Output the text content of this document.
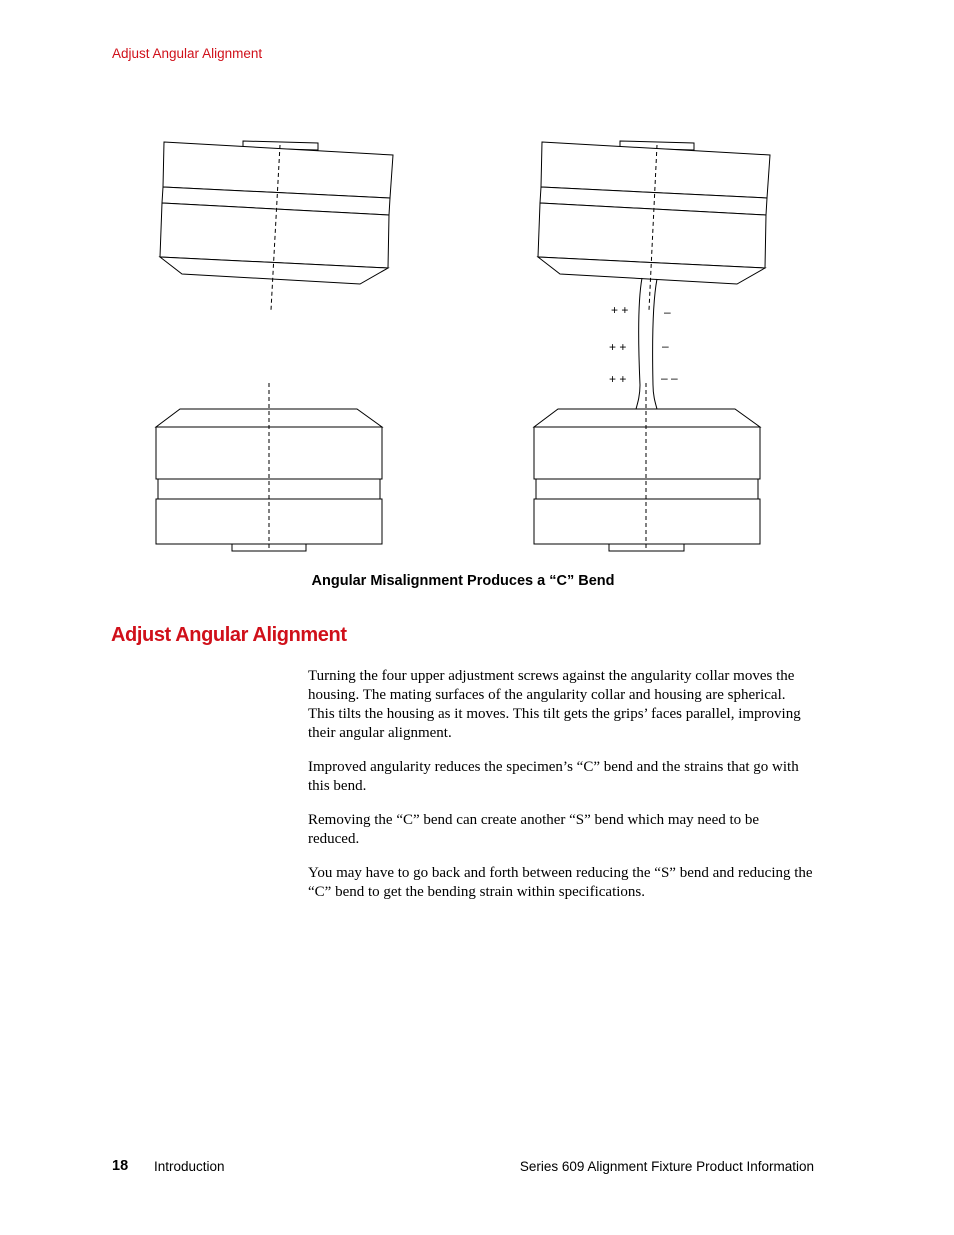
Adjust Angular Alignment
+ +
+ +
+ +
–
–
– –
Angular Misalignment Produces a “C” Bend
Adjust Angular Alignment

Turning the four upper adjustment screws against the angularity collar moves the housing. The mating surfaces of the angularity collar and housing are spherical. This tilts the housing as it moves. This tilt gets the grips’ faces parallel, improving their angular alignment.

Improved angularity reduces the specimen’s “C” bend and the strains that go with this bend.

Removing the “C” bend can create another “S” bend which may need to be reduced.

You may have to go back and forth between reducing the “S” bend and reducing the “C” bend to get the bending strain within specifications.

18 Introduction	Series 609 Alignment Fixture Product Information
